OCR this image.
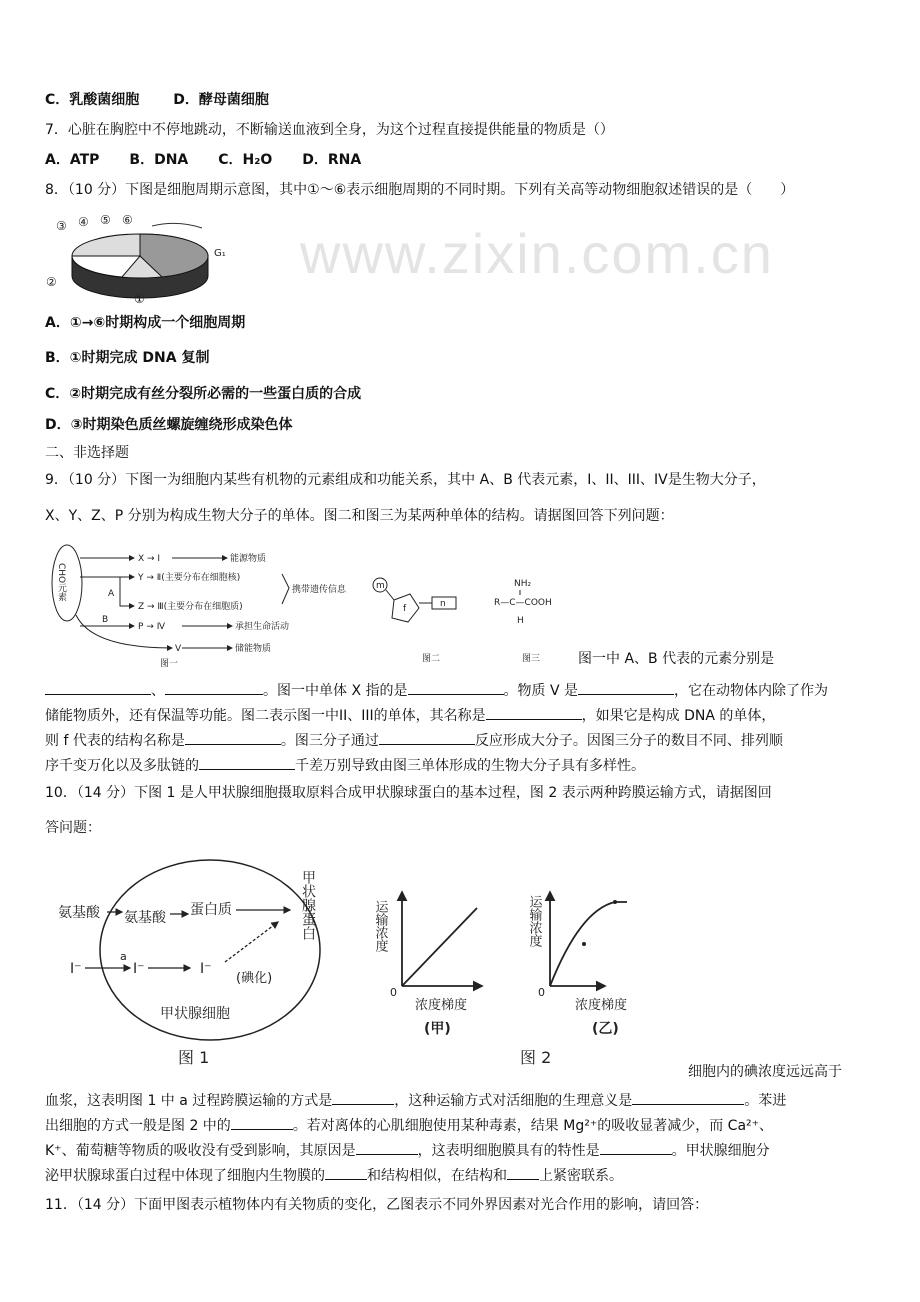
www.zixin.com.cn
C．乳酸菌细胞 D．酵母菌细胞
7．心脏在胸腔中不停地跳动，不断输送血液到全身，为这个过程直接提供能量的物质是（）
A．ATP B．DNA C．H₂O D．RNA
8．（10 分）下图是细胞周期示意图，其中①～⑥表示细胞周期的不同时期。下列有关高等动物细胞叙述错误的是（　　）
③ ④ ⑤ ⑥
G₁
②
①
A．①→⑥时期构成一个细胞周期
B．①时期完成 DNA 复制
C．②时期完成有丝分裂所必需的一些蛋白质的合成
D．③时期染色质丝螺旋缠绕形成染色体
二、非选择题
9．（10 分）下图一为细胞内某些有机物的元素组成和功能关系，其中 A、B 代表元素，I、II、III、IV是生物大分子，
X、Y、Z、P 分别为构成生物大分子的单体。图二和图三为某两种单体的结构。请据图回答下列问题：
CHO元素
X → I
Y → Ⅱ(主要分布在细胞核)
Z → Ⅲ(主要分布在细胞质)
P → Ⅳ
V
A
B
能源物质
携带遗传信息
承担生命活动
储能物质
图一
m
f	n
图二
NH₂
R—C—COOH
H
图三	图一中 A、B 代表的元素分别是
、	。图一中单体 X 指的是	。物质 V 是	，它在动物体内除了作为
储能物质外，还有保温等功能。图二表示图一中II、III的单体，其名称是	，如果它是构成 DNA 的单体，
则 f 代表的结构名称是	。图三分子通过	反应形成大分子。因图三分子的数目不同、排列顺
序千变万化以及多肽链的	千差万别导致由图三单体形成的生物大分子具有多样性。
10．（14 分）下图 1 是人甲状腺细胞摄取原料合成甲状腺球蛋白的基本过程，图 2 表示两种跨膜运输方式，请据图回
答问题：
氨基酸 氨基酸 蛋白质	甲状腺蛋白
I⁻	I⁻	I⁻
a
(碘化)
甲状腺细胞
图 1
运输浓度
0
浓度梯度
(甲)
运输浓度
0
浓度梯度
(乙)
图 2
细胞内的碘浓度远远高于
血浆，这表明图 1 中 a 过程跨膜运输的方式是	，这种运输方式对活细胞的生理意义是	。苯进
出细胞的方式一般是图 2 中的	。若对离体的心肌细胞使用某种毒素，结果 Mg²⁺的吸收显著减少，而 Ca²⁺、
K⁺、葡萄糖等物质的吸收没有受到影响，其原因是	，这表明细胞膜具有的特性是	。甲状腺细胞分
泌甲状腺球蛋白过程中体现了细胞内生物膜的	和结构相似，在结构和 上紧密联系。
11．（14 分）下面甲图表示植物体内有关物质的变化，乙图表示不同外界因素对光合作用的影响，请回答：
